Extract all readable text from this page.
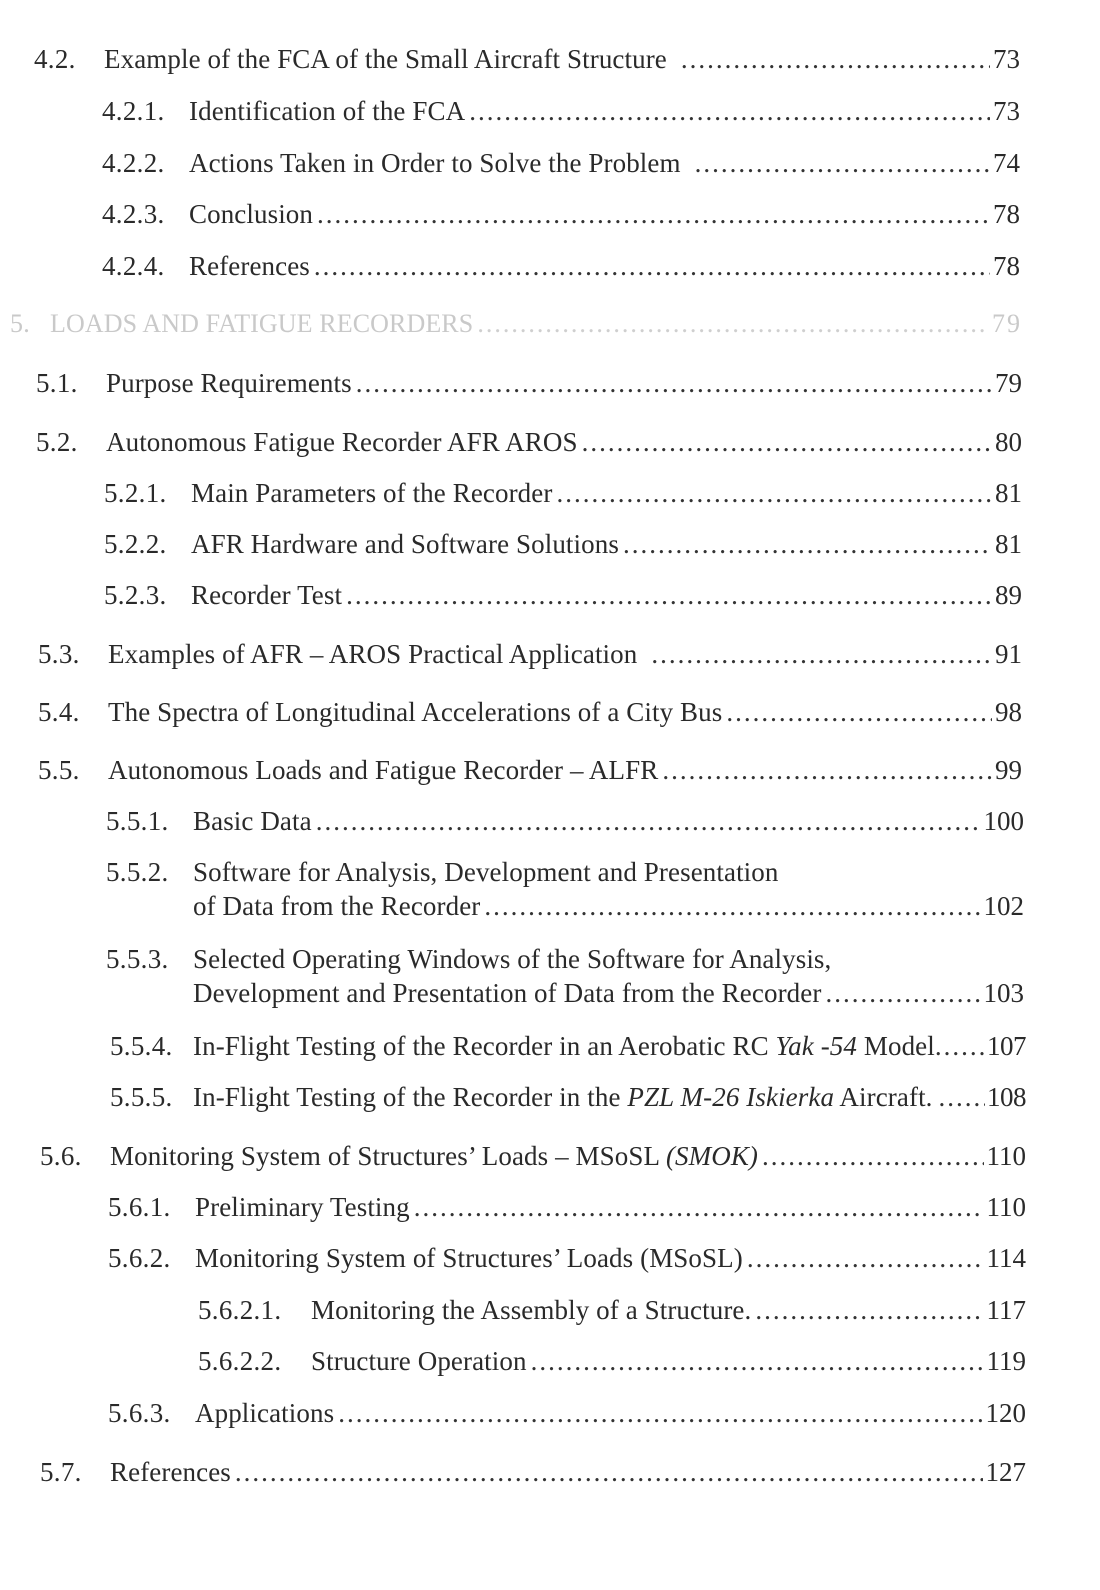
4.2.	Example of the FCA of the Small Aircraft Structure .....	73
4.2.1. Identification of the FCA .....	73
4.2.2. Actions Taken in Order to Solve the Problem .....	74
4.2.3. Conclusion .....	78
4.2.4. References .....	78
5. LOADS AND FATIGUE RECORDERS .....	79
5.1.	Purpose Requirements .....	79
5.2.	Autonomous Fatigue Recorder AFR AROS .....	80
5.2.1. Main Parameters of the Recorder .....	81
5.2.2. AFR Hardware and Software Solutions .....	81
5.2.3. Recorder Test .....	89
5.3.	Examples of AFR – AROS Practical Application .....	91
5.4.	The Spectra of Longitudinal Accelerations of a City Bus .....	98
5.5.	Autonomous Loads and Fatigue Recorder – ALFR .....	99
5.5.1. Basic Data .....	100
5.5.2. Software for Analysis, Development and Presentation
of Data from the Recorder .....	102
5.5.3. Selected Operating Windows of the Software for Analysis,
Development and Presentation of Data from the Recorder .....	103
5.5.4. In-Flight Testing of the Recorder in an Aerobatic RC Yak -54 Model ..... 107
5.5.5. In-Flight Testing of the Recorder in the PZL M-26 Iskierka Aircraft. ..... 108
5.6.	Monitoring System of Structures’ Loads – MSoSL (SMOK) .....	110
5.6.1. Preliminary Testing .....	110
5.6.2. Monitoring System of Structures’ Loads (MSoSL) .....	114
5.6.2.1.	Monitoring the Assembly of a Structure. .....	117
5.6.2.2.	Structure Operation .....	119
5.6.3. Applications .....	120
5.7.	References .....	127
